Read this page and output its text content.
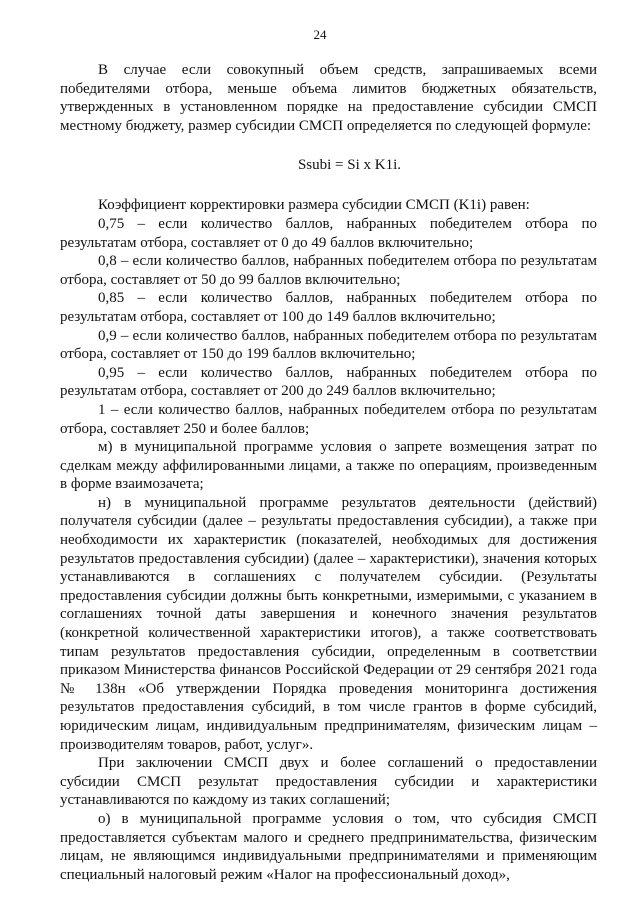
24

В случае если совокупный объем средств, запрашиваемых всеми победителями отбора, меньше объема лимитов бюджетных обязательств, утвержденных в установленном порядке на предоставление субсидии СМСП местному бюджету, размер субсидии СМСП определяется по следующей формуле:

Ssubi = Si x K1i.

Коэффициент корректировки размера субсидии СМСП (K1i) равен:

0,75 – если количество баллов, набранных победителем отбора по результатам отбора, составляет от 0 до 49 баллов включительно;

0,8 – если количество баллов, набранных победителем отбора по результатам отбора, составляет от 50 до 99 баллов включительно;

0,85 – если количество баллов, набранных победителем отбора по результатам отбора, составляет от 100 до 149 баллов включительно;

0,9 – если количество баллов, набранных победителем отбора по результатам отбора, составляет от 150 до 199 баллов включительно;

0,95 – если количество баллов, набранных победителем отбора по результатам отбора, составляет от 200 до 249 баллов включительно;

1 – если количество баллов, набранных победителем отбора по результатам отбора, составляет 250 и более баллов;

м) в муниципальной программе условия о запрете возмещения затрат по сделкам между аффилированными лицами, а также по операциям, произведенным в форме взаимозачета;

н) в муниципальной программе результатов деятельности (действий) получателя субсидии (далее – результаты предоставления субсидии), а также при необходимости их характеристик (показателей, необходимых для достижения результатов предоставления субсидии) (далее – характеристики), значения которых устанавливаются в соглашениях с получателем субсидии. (Результаты предоставления субсидии должны быть конкретными, измеримыми, с указанием в соглашениях точной даты завершения и конечного значения результатов (конкретной количественной характеристики итогов), а также соответствовать типам результатов предоставления субсидии, определенным в соответствии приказом Министерства финансов Российской Федерации от 29 сентября 2021 года № 138н «Об утверждении Порядка проведения мониторинга достижения результатов предоставления субсидий, в том числе грантов в форме субсидий, юридическим лицам, индивидуальным предпринимателям, физическим лицам – производителям товаров, работ, услуг».

При заключении СМСП двух и более соглашений о предоставлении субсидии СМСП результат предоставления субсидии и характеристики устанавливаются по каждому из таких соглашений;

о) в муниципальной программе условия о том, что субсидия СМСП предоставляется субъектам малого и среднего предпринимательства, физическим лицам, не являющимся индивидуальными предпринимателями и применяющим специальный налоговый режим «Налог на профессиональный доход»,
